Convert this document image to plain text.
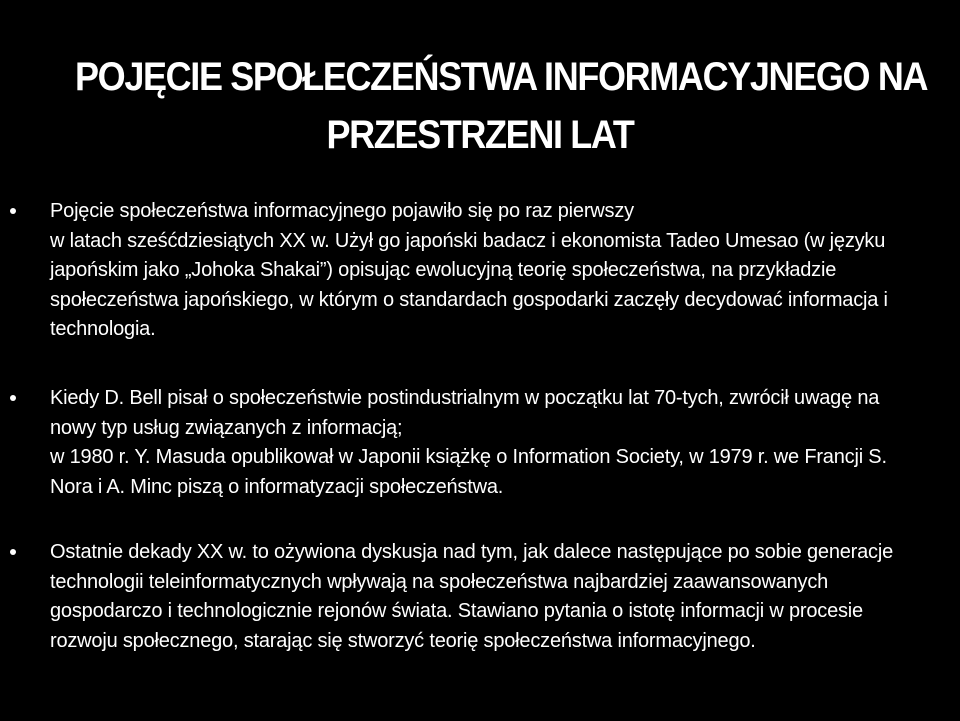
POJĘCIE SPOŁECZEŃSTWA INFORMACYJNEGO NA
PRZESTRZENI LAT

Pojęcie społeczeństwa informacyjnego pojawiło się po raz pierwszy
w latach sześćdziesiątych XX w. Użył go japoński badacz i ekonomista Tadeo Umesao (w języku
japońskim jako „Johoka Shakai”) opisując ewolucyjną teorię społeczeństwa, na przykładzie
społeczeństwa japońskiego, w którym o standardach gospodarki zaczęły decydować informacja i
technologia.

Kiedy D. Bell pisał o społeczeństwie postindustrialnym w początku lat 70-tych, zwrócił uwagę na
nowy typ usług związanych z informacją;
w 1980 r. Y. Masuda opublikował w Japonii książkę o Information Society, w 1979 r. we Francji S.
Nora i A. Minc piszą o informatyzacji społeczeństwa.

Ostatnie dekady XX w. to ożywiona dyskusja nad tym, jak dalece następujące po sobie generacje
technologii teleinformatycznych wpływają na społeczeństwa najbardziej zaawansowanych
gospodarczo i technologicznie rejonów świata. Stawiano pytania o istotę informacji w procesie
rozwoju społecznego, starając się stworzyć teorię społeczeństwa informacyjnego.
